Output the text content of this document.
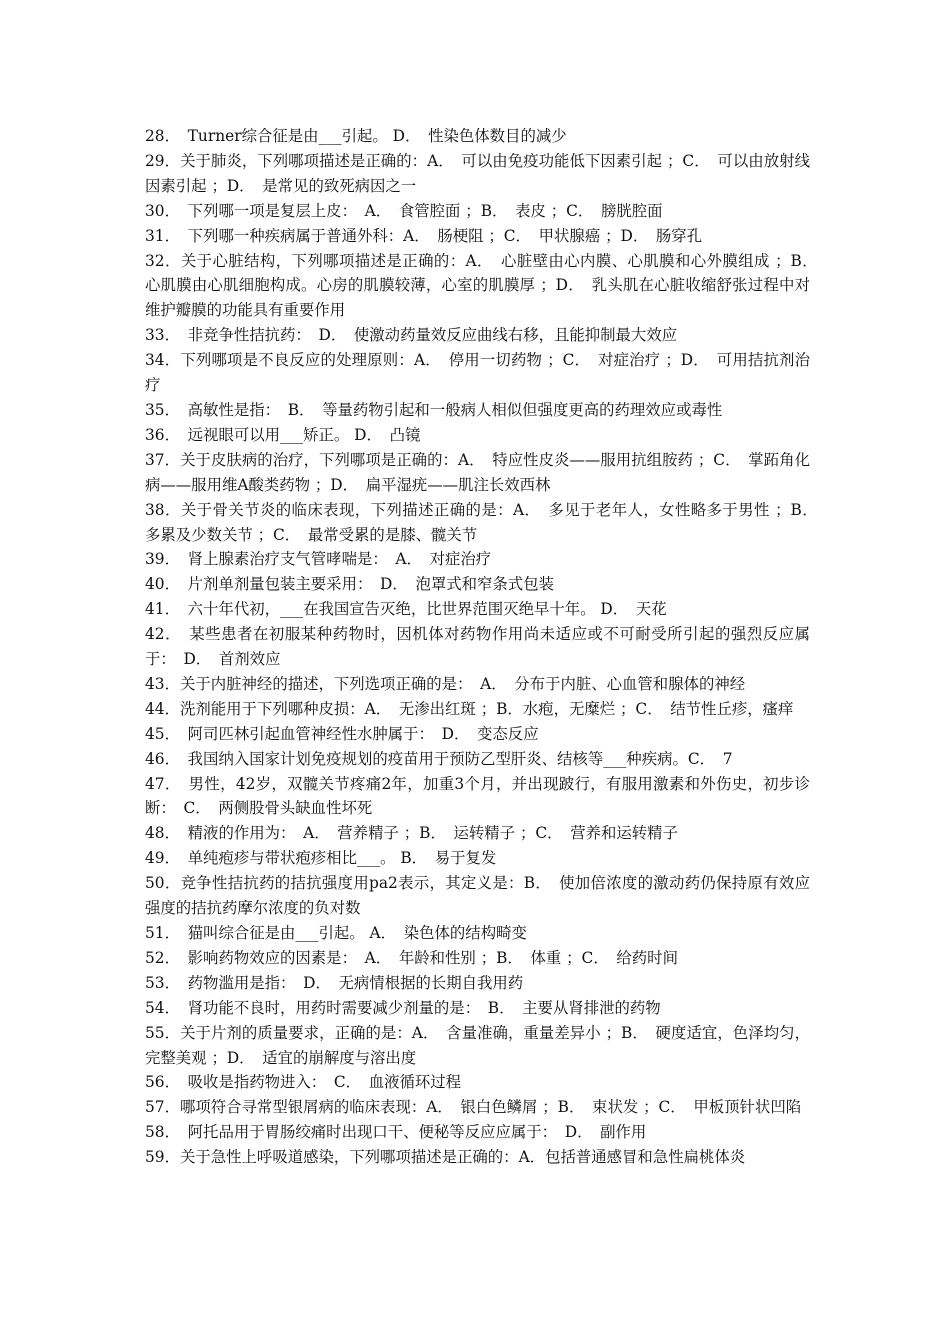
28．　Turner综合征是由___引起。 D．　性染色体数目的减少

29．关于肺炎，下列哪项描述是正确的：A．　可以由免疫功能低下因素引起 ；C．　可以由放射线因素引起 ；D．　是常见的致死病因之一

30．　下列哪一项是复层上皮：　A．　食管腔面 ；B．　表皮 ；C．　膀胱腔面

31．　下列哪一种疾病属于普通外科：A．　肠梗阻 ；C．　甲状腺癌 ；D．　肠穿孔

32．关于心脏结构，下列哪项描述是正确的：A．　心脏壁由心内膜、心肌膜和心外膜组成 ；B．　心肌膜由心肌细胞构成。心房的肌膜较薄，心室的肌膜厚 ；D．　乳头肌在心脏收缩舒张过程中对维护瓣膜的功能具有重要作用

33．　非竞争性拮抗药：　D．　使激动药量效反应曲线右移，且能抑制最大效应

34．下列哪项是不良反应的处理原则：A．　停用一切药物 ；C．　对症治疗 ；D．　可用拮抗剂治疗

35．　高敏性是指：　B．　等量药物引起和一般病人相似但强度更高的药理效应或毒性

36．　远视眼可以用___矫正。 D．　凸镜

37．关于皮肤病的治疗，下列哪项是正确的：A．　特应性皮炎——服用抗组胺药 ；C．　掌跖角化病——服用维A酸类药物 ；D．　扁平湿疣——肌注长效西林

38．关于骨关节炎的临床表现，下列描述正确的是：A．　多见于老年人，女性略多于男性 ；B．　多累及少数关节 ；C．　最常受累的是膝、髋关节

39．　肾上腺素治疗支气管哮喘是：　A．　对症治疗

40．　片剂单剂量包装主要采用：　D．　泡罩式和窄条式包装

41．　六十年代初，___在我国宣告灭绝，比世界范围灭绝早十年。 D．　天花

42．　某些患者在初服某种药物时，因机体对药物作用尚未适应或不可耐受所引起的强烈反应属于：　D．　首剂效应

43．关于内脏神经的描述，下列选项正确的是：　A．　分布于内脏、心血管和腺体的神经

44．洗剂能用于下列哪种皮损：A．　无渗出红斑 ；B．水疱，无糜烂 ；C．　结节性丘疹，瘙痒

45．　阿司匹林引起血管神经性水肿属于：　D．　变态反应

46．　我国纳入国家计划免疫规划的疫苗用于预防乙型肝炎、结核等___种疾病。C．　7

47．　男性，42岁，双髋关节疼痛2年，加重3个月，并出现跛行，有服用激素和外伤史，初步诊断：　C．　两侧股骨头缺血性坏死

48．　精液的作用为：　A．　营养精子 ；B．　运转精子 ；C．　营养和运转精子

49．　单纯疱疹与带状疱疹相比___。 B．　易于复发

50．竞争性拮抗药的拮抗强度用pa2表示，其定义是：B．　使加倍浓度的激动药仍保持原有效应强度的拮抗药摩尔浓度的负对数

51．　猫叫综合征是由___引起。 A．　染色体的结构畸变

52．　影响药物效应的因素是：　A．　年龄和性别 ；B．　体重 ；C．　给药时间

53．　药物滥用是指：　D．　无病情根据的长期自我用药

54．　肾功能不良时，用药时需要减少剂量的是：　B．　主要从肾排泄的药物

55．关于片剂的质量要求，正确的是：A．　含量准确，重量差异小 ；B．　硬度适宜，色泽均匀，完整美观 ；D．　适宜的崩解度与溶出度

56．　吸收是指药物进入：　C．　血液循环过程

57．哪项符合寻常型银屑病的临床表现：A．　银白色鳞屑 ；B．　束状发 ；C．　甲板顶针状凹陷

58．　阿托品用于胃肠绞痛时出现口干、便秘等反应应属于：　D．　副作用

59．关于急性上呼吸道感染，下列哪项描述是正确的：A．包括普通感冒和急性扁桃体炎
